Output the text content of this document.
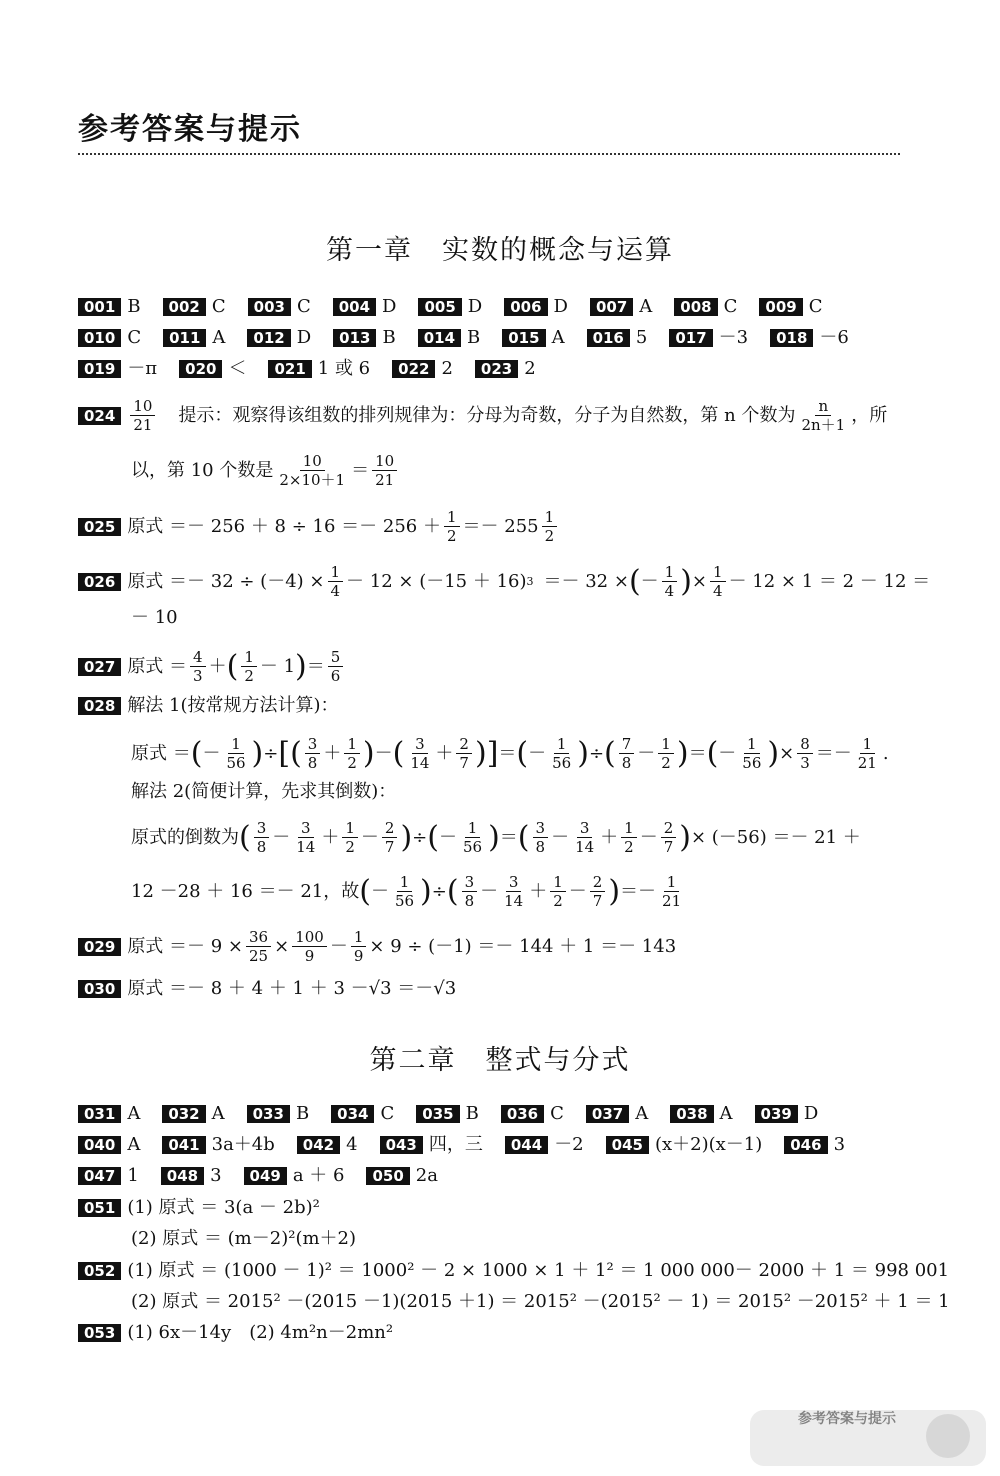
参考答案与提示
第一章　实数的概念与运算
001 B	002 C	003 C	004 D	005 D	006 D	007 A	008 C	009 C
010 C	011 A	012 D	013 B	014 B	015 A	016 5	017 －3	018 －6
019 －π	020 ＜	021 1 或 6	022 2	023 2
024	$\frac{10}{21}$ 提示：观察得该组数的排列规律为：分母为奇数，分子为自然数，第 n 个数为 $\frac{n}{2n+1}$ ，所
以，第 10 个数是 $\frac{10}{2\times 10+1} = \frac{10}{21}$
025 原式 ＝－ $256 + 8 \div 16 =- 256 + \frac{1}{2} =- 255 \frac{1}{2}$
026 原式 ＝－ $32 \div (-4) \times \frac{1}{4} - 12 \times (-15 + 16) 3 =- 32$ × ( － $\frac{1}{4}$ ) × $\frac{1}{4} - 12 \times 1 = 2 - 12$ ＝
－ 10
027 原式 ＝ $\frac{4}{3}$ ＋ ( $\frac{1}{2} - 1$ ) ＝ $\frac{5}{6}$
028 解法 1(按常规方法计算)：
原式 ＝ ( － $\frac{1}{56}$ ) ÷ [ ( $\frac{3}{8} + \frac{1}{2}$ ) － ( $\frac{3}{14} + \frac{2}{7}$ ) ] ＝ ( － $\frac{1}{56}$ ) ÷ ( $\frac{7}{8} - \frac{1}{2}$ ) ＝ ( － $\frac{1}{56}$ ) × $\frac{8}{3} =- \frac{1}{21}$ .
解法 2(简便计算，先求其倒数)：
原式的倒数为 ( $\frac{3}{8} - \frac{3}{14} + \frac{1}{2} - \frac{2}{7}$ ) ÷ ( － $\frac{1}{56}$ ) ＝ ( $\frac{3}{8} - \frac{3}{14} + \frac{1}{2} - \frac{2}{7}$ ) × (－56) ＝－ 21 ＋
12 －28 ＋ 16 ＝－ 21，故 ( － $\frac{1}{56}$ ) ÷ ( $\frac{3}{8} - \frac{3}{14} + \frac{1}{2} - \frac{2}{7}$ ) ＝－ $\frac{1}{21}$
029 原式 ＝－ $9 \times \frac{36}{25} \times \frac{100}{9} - \frac{1}{9} \times 9 \div (-1) =- 144 + 1 =- 143$
030 原式 ＝－ 8 ＋ 4 ＋ 1 ＋ 3 －√3 ＝－√3
第二章　整式与分式
031 A	032 A	033 B	034 C	035 B	036 C	037 A	038 A	039 D
040 A	041 3a＋4b	042 4	043 四，三	044 －2	045 (x＋2)(x－1)	046 3
047 1	048 3	049 a ＋ 6	050 2a
051 (1) 原式 ＝ 3(a － 2b)²
(2) 原式 ＝ (m－2)²(m＋2)
052 (1) 原式 ＝ (1000 － 1)² ＝ 1000² － 2 × 1000 × 1 ＋ 1² ＝ 1 000 000－ 2000 ＋ 1 ＝ 998 001
(2) 原式 ＝ 2015² －(2015 －1)(2015 ＋1) ＝ 2015² －(2015² － 1) ＝ 2015² －2015² ＋ 1 ＝ 1
053 (1) 6x－14y　(2) 4m²n－2mn²
